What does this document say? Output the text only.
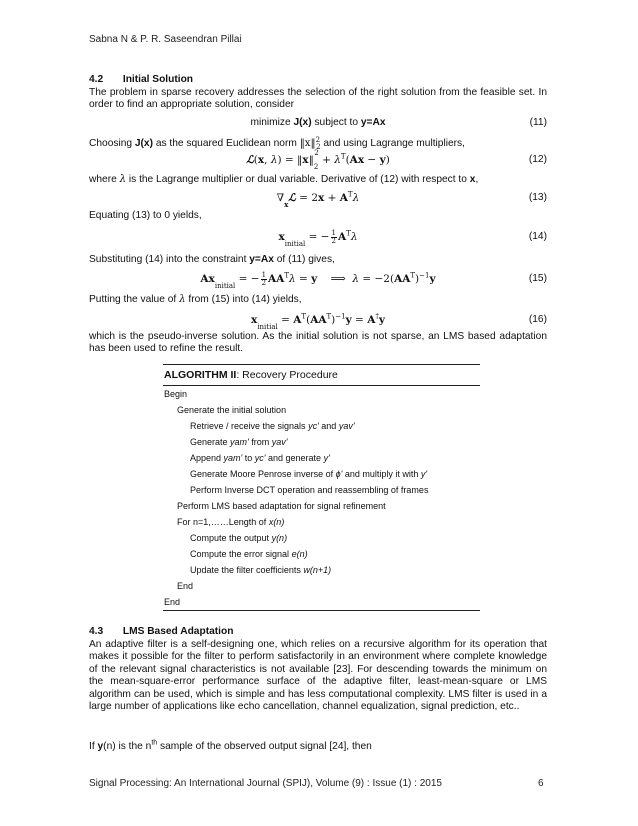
Sabna N & P. R. Saseendran Pillai
4.2 Initial Solution
The problem in sparse recovery addresses the selection of the right solution from the feasible set. In order to find an appropriate solution, consider
minimize J(x) subject to y=Ax	(11)
Choosing J(x) as the squared Euclidean norm ‖x‖$^2_2$ and using Lagrange multipliers,
ℒ(x, $\lambda) = ‖x‖_2^2 + \lambda^T(Ax - y)$	(12)
where λ is the Lagrange multiplier or dual variable. Derivative of (12) with respect to x,
$\nabla_xℒ = 2x + A^T\lambda$	(13)
Equating (13) to 0 yields,
$x_{initial}$ = − $\frac{1}{2} A^T\lambda$	(14)
Substituting (14) into the constraint y=Ax of (11) gives,
$Ax_{initial}$ = − $\frac{1}{2} AA^T\lambda = y$    ⟹  $\lambda = -2(AA^T)^{-1}y$	(15)
Putting the value of λ from (15) into (14) yields,
$x_{initial} = A^T(AA^T)^{-1}y = A^\dagger y$	(16)
which is the pseudo-inverse solution. As the initial solution is not sparse, an LMS based adaptation has been used to refine the result.
ALGORITHM II: Recovery Procedure
Begin
Generate the initial solution
Retrieve / receive the signals yc' and yav'
Generate yam' from yav'
Append yam' to yc' and generate y'
Generate Moore Penrose inverse of ϕ' and multiply it with y'
Perform Inverse DCT operation and reassembling of frames
Perform LMS based adaptation for signal refinement
For n=1,……Length of x(n)
Compute the output y(n)
Compute the error signal e(n)
Update the filter coefficients w(n+1)
End
End
4.3 LMS Based Adaptation
An adaptive filter is a self-designing one, which relies on a recursive algorithm for its operation that makes it possible for the filter to perform satisfactorily in an environment where complete knowledge of the relevant signal characteristics is not available [23]. For descending towards the minimum on the mean-square-error performance surface of the adaptive filter, least-mean-square or LMS algorithm can be used, which is simple and has less computational complexity. LMS filter is used in a large number of applications like echo cancellation, channel equalization, signal prediction, etc..
If y(n) is the $n^{th}$ sample of the observed output signal [24], then
Signal Processing: An International Journal (SPIJ), Volume (9) : Issue (1) : 2015	6
